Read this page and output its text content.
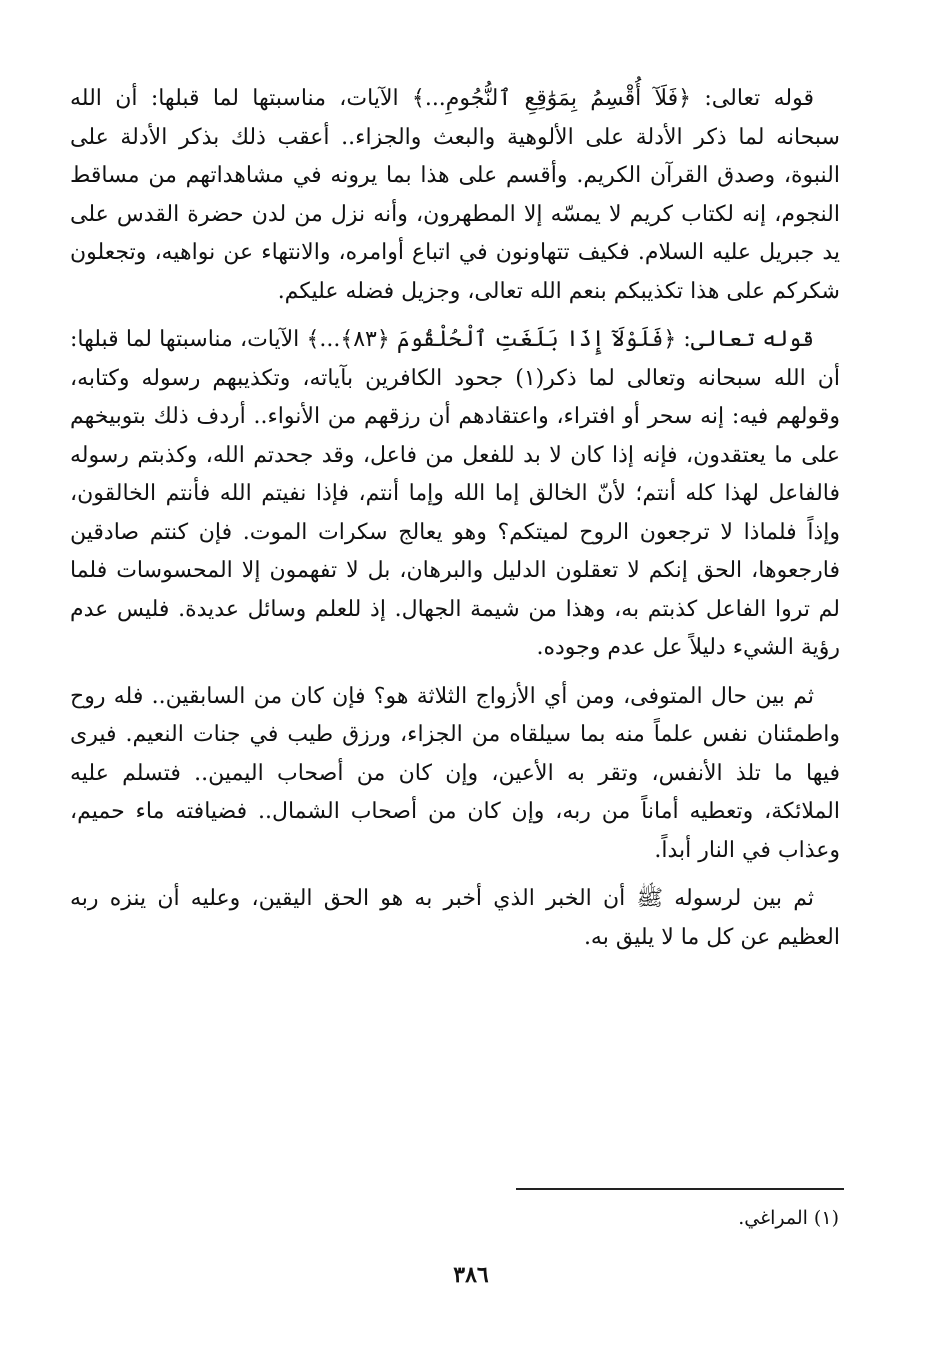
قوله تعالى: ﴿فَلَآ أُقْسِمُ بِمَوَٰقِعِ ٱلنُّجُومِ...﴾ الآيات، مناسبتها لما قبلها: أن الله سبحانه لما ذكر الأدلة على الألوهية والبعث والجزاء.. أعقب ذلك بذكر الأدلة على النبوة، وصدق القرآن الكريم. وأقسم على هذا بما يرونه في مشاهداتهم من مساقط النجوم، إنه لكتاب كريم لا يمسّه إلا المطهرون، وأنه نزل من لدن حضرة القدس على يد جبريل عليه السلام. فكيف تتهاونون في اتباع أوامره، والانتهاء عن نواهيه، وتجعلون شكركم على هذا تكذيبكم بنعم الله تعالى، وجزيل فضله عليكم.

قوله تعالى: ﴿فَلَوْلَآ إِذَا بَلَغَتِ ٱلْحُلْقُومَ ﴿٨٣﴾...﴾ الآيات، مناسبتها لما قبلها: أن الله سبحانه وتعالى لما ذكر(١) جحود الكافرين بآياته، وتكذيبهم رسوله وكتابه، وقولهم فيه: إنه سحر أو افتراء، واعتقادهم أن رزقهم من الأنواء.. أردف ذلك بتوبيخهم على ما يعتقدون، فإنه إذا كان لا بد للفعل من فاعل، وقد جحدتم الله، وكذبتم رسوله فالفاعل لهذا كله أنتم؛ لأنّ الخالق إما الله وإما أنتم، فإذا نفيتم الله فأنتم الخالقون، وإذاً فلماذا لا ترجعون الروح لميتكم؟ وهو يعالج سكرات الموت. فإن كنتم صادقين فارجعوها، الحق إنكم لا تعقلون الدليل والبرهان، بل لا تفهمون إلا المحسوسات فلما لم تروا الفاعل كذبتم به، وهذا من شيمة الجهال. إذ للعلم وسائل عديدة. فليس عدم رؤية الشيء دليلاً عل عدم وجوده.

ثم بين حال المتوفى، ومن أي الأزواج الثلاثة هو؟ فإن كان من السابقين.. فله روح واطمئنان نفس علماً منه بما سيلقاه من الجزاء، ورزق طيب في جنات النعيم. فيرى فيها ما تلذ الأنفس، وتقر به الأعين، وإن كان من أصحاب اليمين.. فتسلم عليه الملائكة، وتعطيه أماناً من ربه، وإن كان من أصحاب الشمال.. فضيافته ماء حميم، وعذاب في النار أبداً.

ثم بين لرسوله ﷺ أن الخبر الذي أخبر به هو الحق اليقين، وعليه أن ينزه ربه العظيم عن كل ما لا يليق به.

(١) المراغي.
٣٨٦
